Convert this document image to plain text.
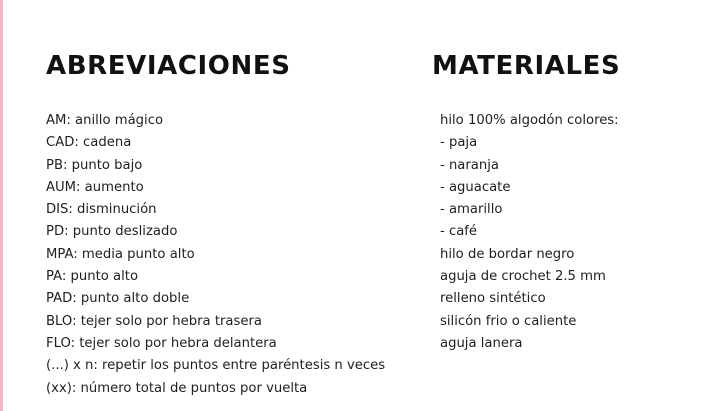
ABREVIACIONES
AM: anillo mágico
CAD: cadena
PB: punto bajo
AUM: aumento
DIS: disminución
PD: punto deslizado
MPA: media punto alto
PA: punto alto
PAD: punto alto doble
BLO: tejer solo por hebra trasera
FLO: tejer solo por hebra delantera
(...) x n: repetir los puntos entre paréntesis n veces
(xx): número total de puntos por vuelta
MATERIALES
hilo 100% algodón colores:
- paja
- naranja
- aguacate
- amarillo
- café
hilo de bordar negro
aguja de crochet 2.5 mm
relleno sintético
silicón frio o caliente
aguja lanera
